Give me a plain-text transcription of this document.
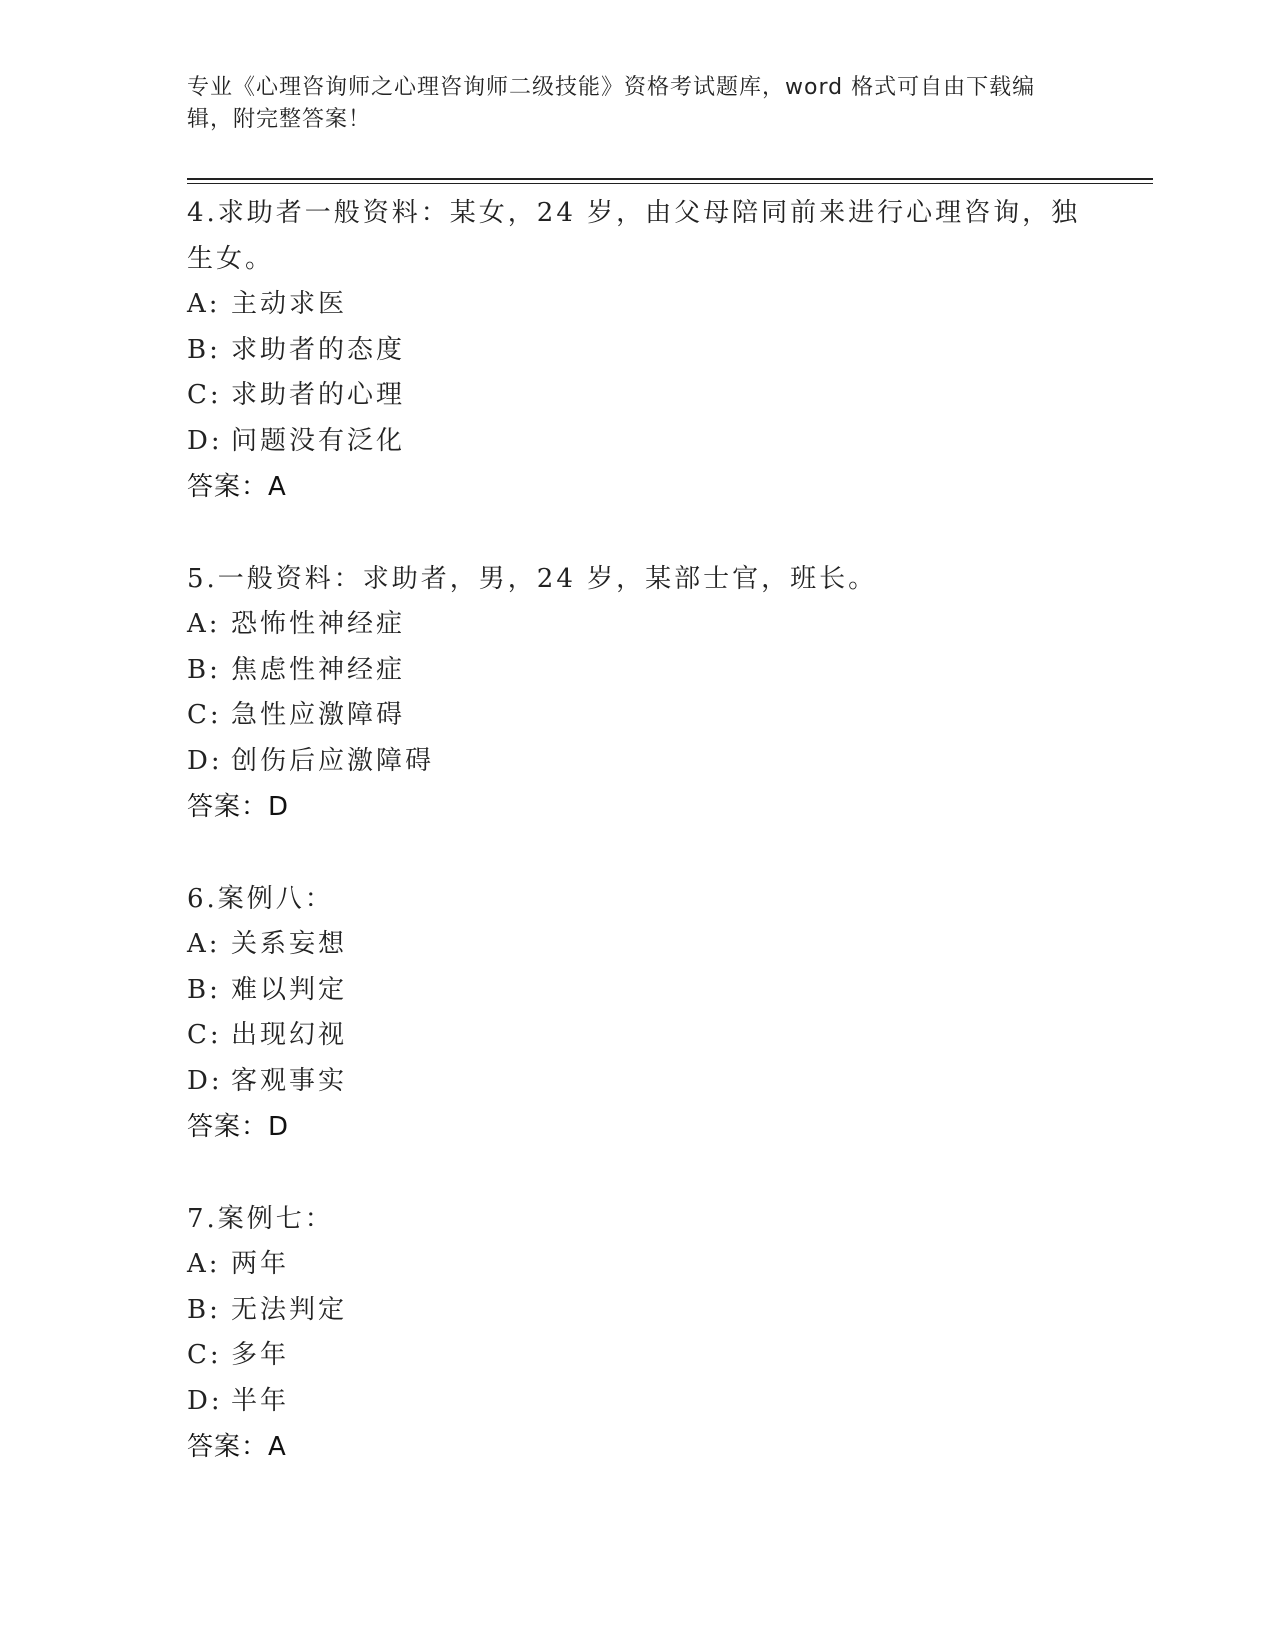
专业《心理咨询师之心理咨询师二级技能》资格考试题库，word 格式可自由下载编辑，附完整答案！
4.求助者一般资料：某女，24 岁，由父母陪同前来进行心理咨询，独生女。
A: 主动求医
B: 求助者的态度
C: 求助者的心理
D: 问题没有泛化
答案：A
5.一般资料：求助者，男，24 岁，某部士官，班长。
A: 恐怖性神经症
B: 焦虑性神经症
C: 急性应激障碍
D: 创伤后应激障碍
答案：D
6.案例八：
A: 关系妄想
B: 难以判定
C: 出现幻视
D: 客观事实
答案：D
7.案例七：
A: 两年
B: 无法判定
C: 多年
D: 半年
答案：A
